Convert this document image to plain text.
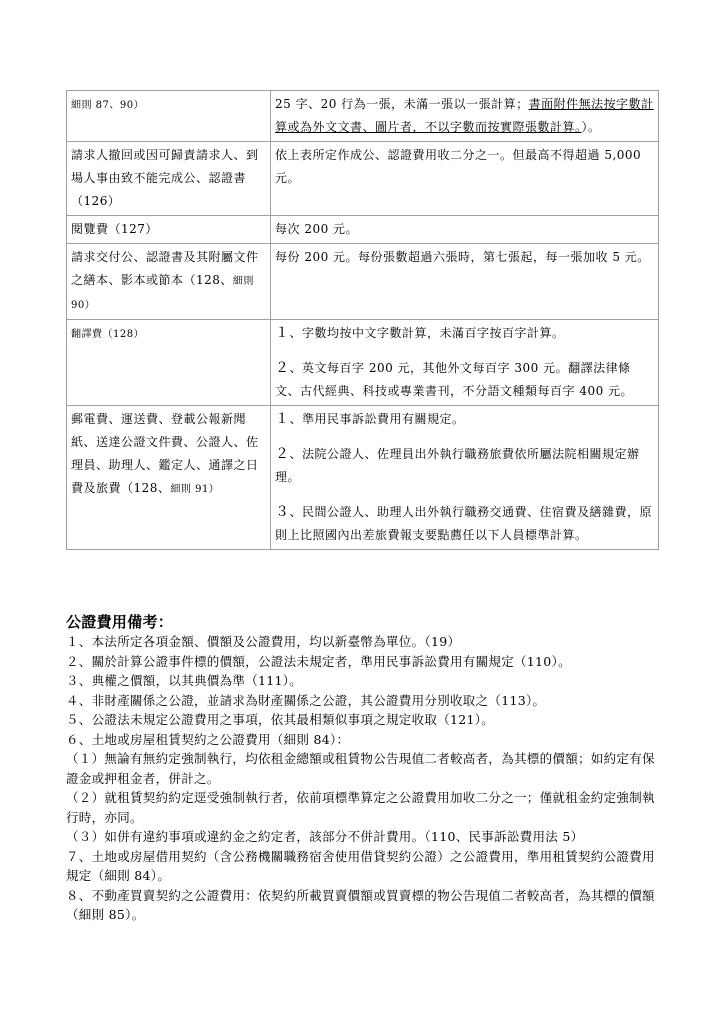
細則 87、90）	25 字、20 行為一張，未滿一張以一張計算；書面附件無法按字數計算或為外文文書、圖片者，不以字數而按實際張數計算。）。
請求人撤回或因可歸責請求人、到場人事由致不能完成公、認證書（126）	依上表所定作成公、認證費用收二分之一。但最高不得超過 5,000 元。
閱覽費（127）	每次 200 元。
請求交付公、認證書及其附屬文件之繕本、影本或節本（128、細則 90）	每份 200 元。每份張數超過六張時，第七張起，每一張加收 5 元。
翻譯費（128）	１、字數均按中文字數計算，未滿百字按百字計算。

２、英文每百字 200 元，其他外文每百字 300 元。翻譯法律條文、古代經典、科技或專業書刊，不分語文種類每百字 400 元。

郵電費、運送費、登載公報新聞紙、送達公證文件費、公證人、佐理員、助理人、鑑定人、通譯之日費及旅費（128、細則 91）	１、準用民事訴訟費用有關規定。

２、法院公證人、佐理員出外執行職務旅費依所屬法院相關規定辦理。

３、民間公證人、助理人出外執行職務交通費、住宿費及繕雜費，原則上比照國內出差旅費報支要點薦任以下人員標準計算。

公證費用備考：

１、本法所定各項金額、價額及公證費用，均以新臺幣為單位。（19）

２、關於計算公證事件標的價額，公證法未規定者，準用民事訴訟費用有關規定（110）。

３、典權之價額，以其典價為準（111）。

４、非財產關係之公證，並請求為財產關係之公證，其公證費用分別收取之（113）。

５、公證法未規定公證費用之事項，依其最相類似事項之規定收取（121）。

６、土地或房屋租賃契約之公證費用（細則 84）：

（１）無論有無約定強制執行，均依租金總額或租賃物公告現值二者較高者，為其標的價額；如約定有保證金或押租金者，併計之。

（２）就租賃契約約定逕受強制執行者，依前項標準算定之公證費用加收二分之一；僅就租金約定強制執行時，亦同。

（３）如併有違約事項或違約金之約定者，該部分不併計費用。（110、民事訴訟費用法 5）

７、土地或房屋借用契約（含公務機關職務宿舍使用借貸契約公證）之公證費用，準用租賃契約公證費用規定（細則 84）。

８、不動產買賣契約之公證費用：依契約所載買賣價額或買賣標的物公告現值二者較高者，為其標的價額（細則 85）。
